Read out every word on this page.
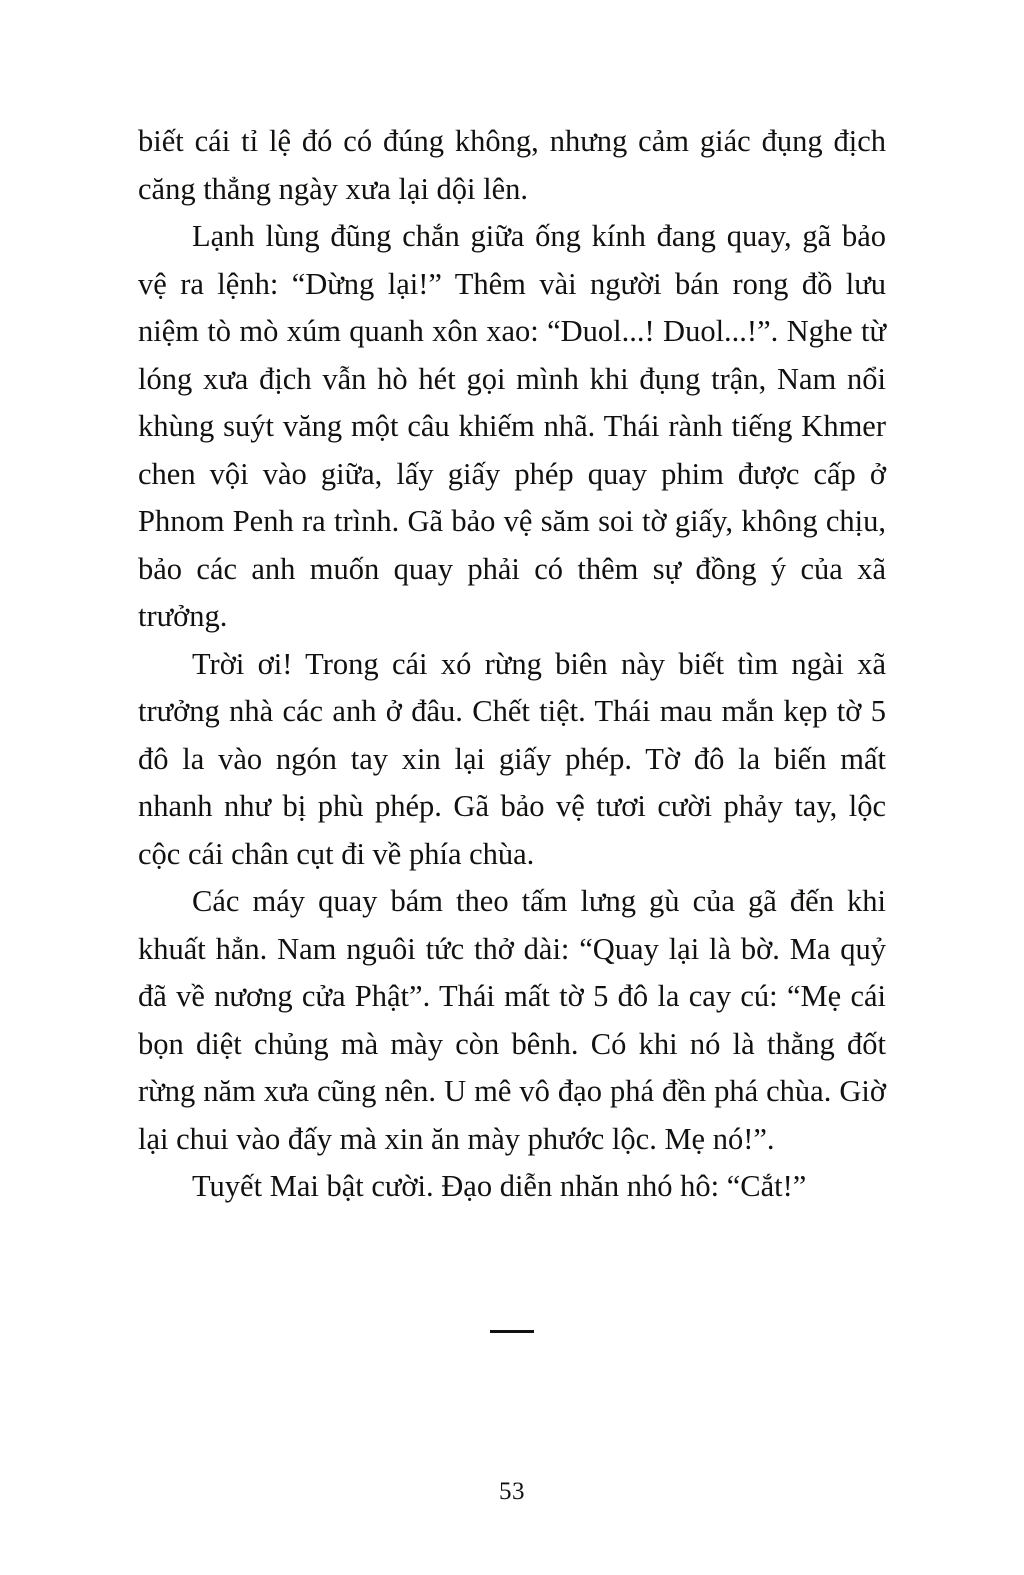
biết cái tỉ lệ đó có đúng không, nhưng cảm giác đụng địch căng thẳng ngày xưa lại dội lên.

Lạnh lùng đũng chắn giữa ống kính đang quay, gã bảo vệ ra lệnh: “Dừng lại!” Thêm vài người bán rong đồ lưu niệm tò mò xúm quanh xôn xao: “Duol...! Duol...!”. Nghe từ lóng xưa địch vẫn hò hét gọi mình khi đụng trận, Nam nổi khùng suýt văng một câu khiếm nhã. Thái rành tiếng Khmer chen vội vào giữa, lấy giấy phép quay phim được cấp ở Phnom Penh ra trình. Gã bảo vệ săm soi tờ giấy, không chịu, bảo các anh muốn quay phải có thêm sự đồng ý của xã trưởng.

Trời ơi! Trong cái xó rừng biên này biết tìm ngài xã trưởng nhà các anh ở đâu. Chết tiệt. Thái mau mắn kẹp tờ 5 đô la vào ngón tay xin lại giấy phép. Tờ đô la biến mất nhanh như bị phù phép. Gã bảo vệ tươi cười phảy tay, lộc cộc cái chân cụt đi về phía chùa.

Các máy quay bám theo tấm lưng gù của gã đến khi khuất hẳn. Nam nguôi tức thở dài: “Quay lại là bờ. Ma quỷ đã về nương cửa Phật”. Thái mất tờ 5 đô la cay cú: “Mẹ cái bọn diệt chủng mà mày còn bênh. Có khi nó là thằng đốt rừng năm xưa cũng nên. U mê vô đạo phá đền phá chùa. Giờ lại chui vào đấy mà xin ăn mày phước lộc. Mẹ nó!”.

Tuyết Mai bật cười. Đạo diễn nhăn nhó hô: “Cắt!”

53
